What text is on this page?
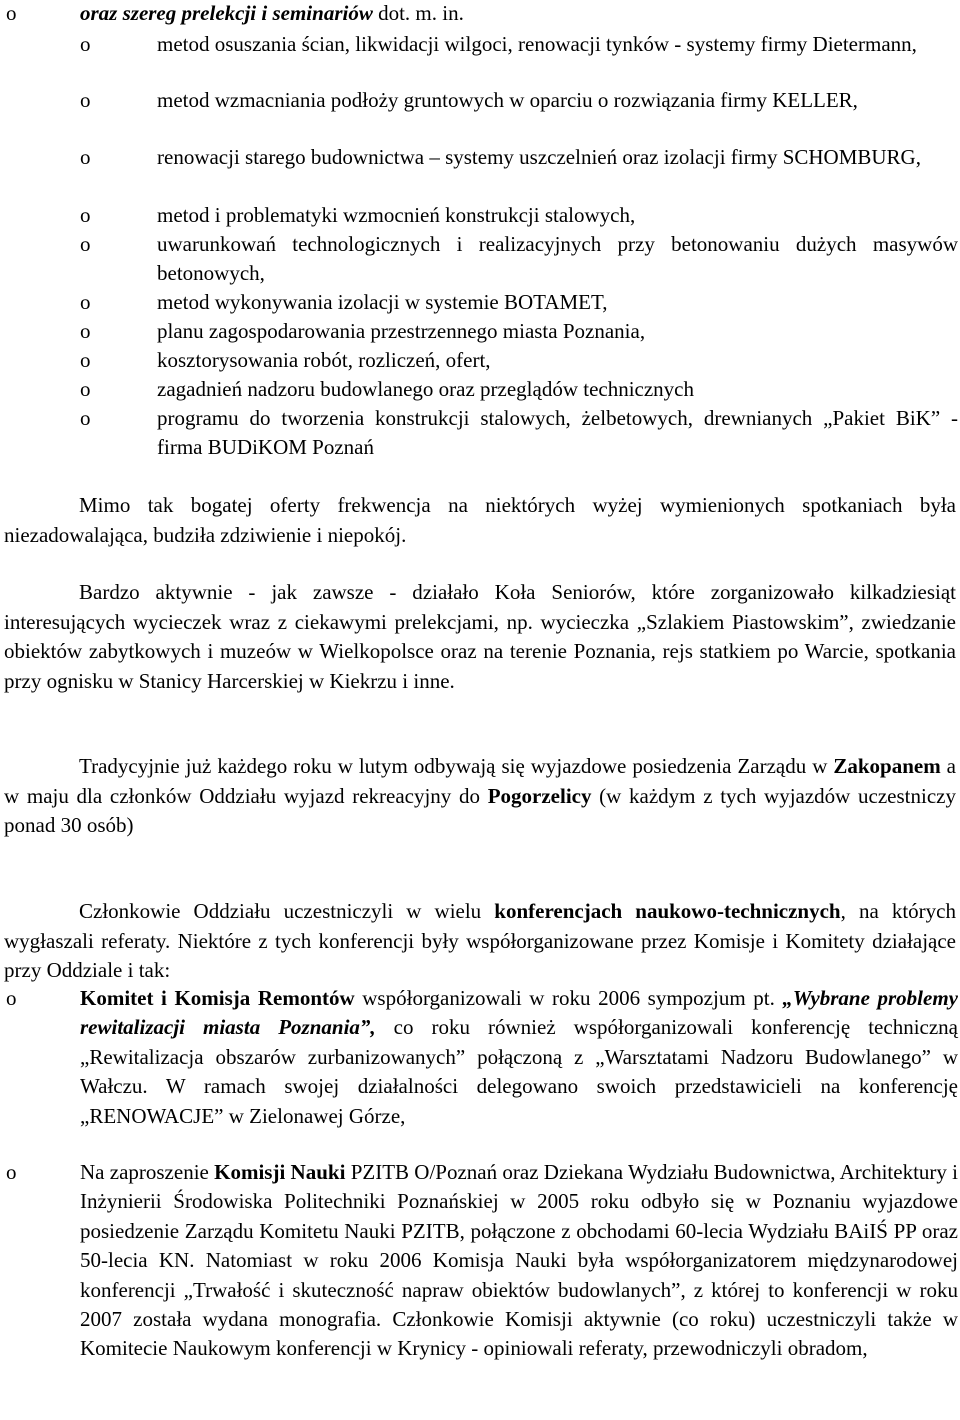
o	oraz szereg prelekcji i seminariów dot. m. in.
o	metod osuszania ścian, likwidacji wilgoci, renowacji tynków - systemy firmy Dietermann,
o	metod wzmacniania podłoży gruntowych w oparciu o rozwiązania firmy KELLER,
o	renowacji starego budownictwa – systemy uszczelnień oraz izolacji firmy SCHOMBURG,
o	metod i problematyki wzmocnień konstrukcji stalowych,
o	uwarunkowań technologicznych i realizacyjnych przy betonowaniu dużych masywów betonowych,
o	metod wykonywania izolacji w systemie BOTAMET,
o	planu zagospodarowania przestrzennego miasta Poznania,
o	kosztorysowania robót, rozliczeń, ofert,
o	zagadnień nadzoru budowlanego oraz przeglądów technicznych
o	programu do tworzenia konstrukcji stalowych, żelbetowych, drewnianych „Pakiet BiK” - firma BUDiKOM Poznań
Mimo tak bogatej oferty frekwencja na niektórych wyżej wymienionych spotkaniach była niezadowalająca, budziła zdziwienie i niepokój.
Bardzo aktywnie - jak zawsze - działało Koła Seniorów, które zorganizowało kilkadziesiąt interesujących wycieczek wraz z ciekawymi prelekcjami, np. wycieczka „Szlakiem Piastowskim”, zwiedzanie obiektów zabytkowych i muzeów w Wielkopolsce oraz na terenie Poznania, rejs statkiem po Warcie, spotkania przy ognisku w Stanicy Harcerskiej w Kiekrzu i inne.
Tradycyjnie już każdego roku w lutym odbywają się wyjazdowe posiedzenia Zarządu w Zakopanem a w maju dla członków Oddziału wyjazd rekreacyjny do Pogorzelicy (w każdym z tych wyjazdów uczestniczy ponad 30 osób)
Członkowie Oddziału uczestniczyli w wielu konferencjach naukowo-technicznych, na których wygłaszali referaty. Niektóre z tych konferencji były współorganizowane przez Komisje i Komitety działające przy Oddziale i tak:
o	Komitet i Komisja Remontów współorganizowali w roku 2006 sympozjum pt. „Wybrane problemy rewitalizacji miasta Poznania”, co roku również współorganizowali konferencję techniczną „Rewitalizacja obszarów zurbanizowanych” połączoną z „Warsztatami Nadzoru Budowlanego” w Wałczu. W ramach swojej działalności delegowano swoich przedstawicieli na konferencję „RENOWACJE” w Zielonawej Górze,
o	Na zaproszenie Komisji Nauki PZITB O/Poznań oraz Dziekana Wydziału Budownictwa, Architektury i Inżynierii Środowiska Politechniki Poznańskiej w 2005 roku odbyło się w Poznaniu wyjazdowe posiedzenie Zarządu Komitetu Nauki PZITB, połączone z obchodami 60-lecia Wydziału BAiIŚ PP oraz 50-lecia KN. Natomiast w roku 2006 Komisja Nauki była współorganizatorem międzynarodowej konferencji „Trwałość i skuteczność napraw obiektów budowlanych”, z której to konferencji w roku 2007 została wydana monografia. Członkowie Komisji aktywnie (co roku) uczestniczyli także w Komitecie Naukowym konferencji w Krynicy - opiniowali referaty, przewodniczyli obradom,
